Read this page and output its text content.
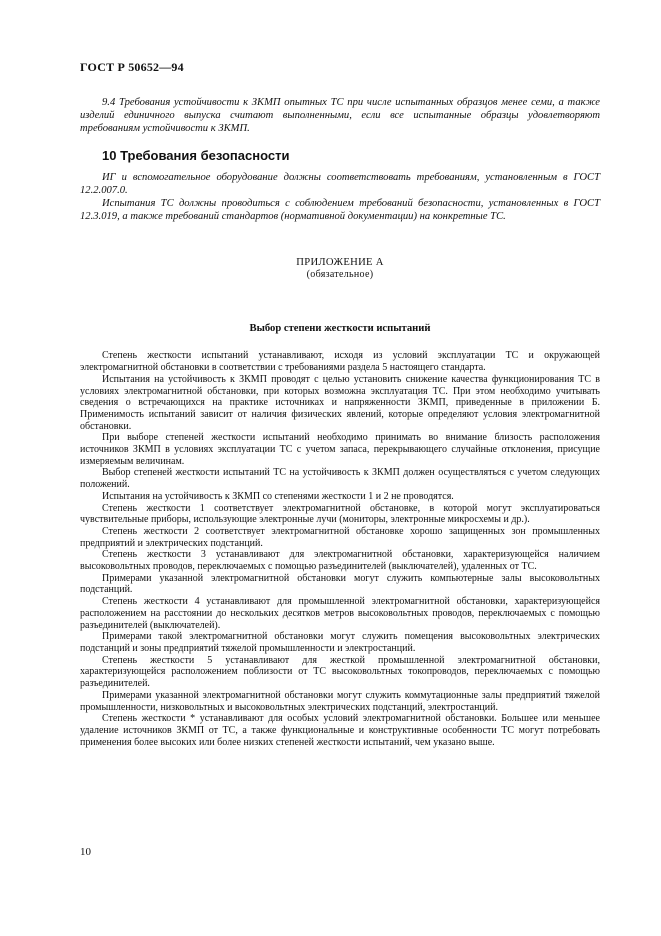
ГОСТ Р 50652—94

9.4 Требования устойчивости к ЗКМП опытных ТС при числе испытанных образцов менее семи, а также изделий единичного выпуска считают выполненными, если все испытанные образцы удовлетворяют требованиям устойчивости к ЗКМП.

10 Требования безопасности

ИГ и вспомогательное оборудование должны соответствовать требованиям, установленным в ГОСТ 12.2.007.0.

Испытания ТС должны проводиться с соблюдением требований безопасности, установленных в ГОСТ 12.3.019, а также требований стандартов (нормативной документации) на конкретные ТС.

ПРИЛОЖЕНИЕ А
(обязательное)
Выбор степени жесткости испытаний

Степень жесткости испытаний устанавливают, исходя из условий эксплуатации ТС и окружающей электромагнитной обстановки в соответствии с требованиями раздела 5 настоящего стандарта.

Испытания на устойчивость к ЗКМП проводят с целью установить снижение качества функционирования ТС в условиях электромагнитной обстановки, при которых возможна эксплуатация ТС. При этом необходимо учитывать сведения о встречающихся на практике источниках и напряженности ЗКМП, приведенные в приложении Б. Применимость испытаний зависит от наличия физических явлений, которые определяют условия электромагнитной обстановки.

При выборе степеней жесткости испытаний необходимо принимать во внимание близость расположения источников ЗКМП в условиях эксплуатации ТС с учетом запаса, перекрывающего случайные отклонения, присущие измеряемым величинам.

Выбор степеней жесткости испытаний ТС на устойчивость к ЗКМП должен осуществляться с учетом следующих положений.

Испытания на устойчивость к ЗКМП со степенями жесткости 1 и 2 не проводятся.

Степень жесткости 1 соответствует электромагнитной обстановке, в которой могут эксплуатироваться чувствительные приборы, использующие электронные лучи (мониторы, электронные микросхемы и др.).

Степень жесткости 2 соответствует электромагнитной обстановке хорошо защищенных зон промышленных предприятий и электрических подстанций.

Степень жесткости 3 устанавливают для электромагнитной обстановки, характеризующейся наличием высоковольтных проводов, переключаемых с помощью разъединителей (выключателей), удаленных от ТС.

Примерами указанной электромагнитной обстановки могут служить компьютерные залы высоковольтных подстанций.

Степень жесткости 4 устанавливают для промышленной электромагнитной обстановки, характеризующейся расположением на расстоянии до нескольких десятков метров высоковольтных проводов, переключаемых с помощью разъединителей (выключателей).

Примерами такой электромагнитной обстановки могут служить помещения высоковольтных электрических подстанций и зоны предприятий тяжелой промышленности и электростанций.

Степень жесткости 5 устанавливают для жесткой промышленной электромагнитной обстановки, характеризующейся расположением поблизости от ТС высоковольтных токопроводов, переключаемых с помощью разъединителей.

Примерами указанной электромагнитной обстановки могут служить коммутационные залы предприятий тяжелой промышленности, низковольтных и высоковольтных электрических подстанций, электростанций.

Степень жесткости * устанавливают для особых условий электромагнитной обстановки. Большее или меньшее удаление источников ЗКМП от ТС, а также функциональные и конструктивные особенности ТС могут потребовать применения более высоких или более низких степеней жесткости испытаний, чем указано выше.

10
